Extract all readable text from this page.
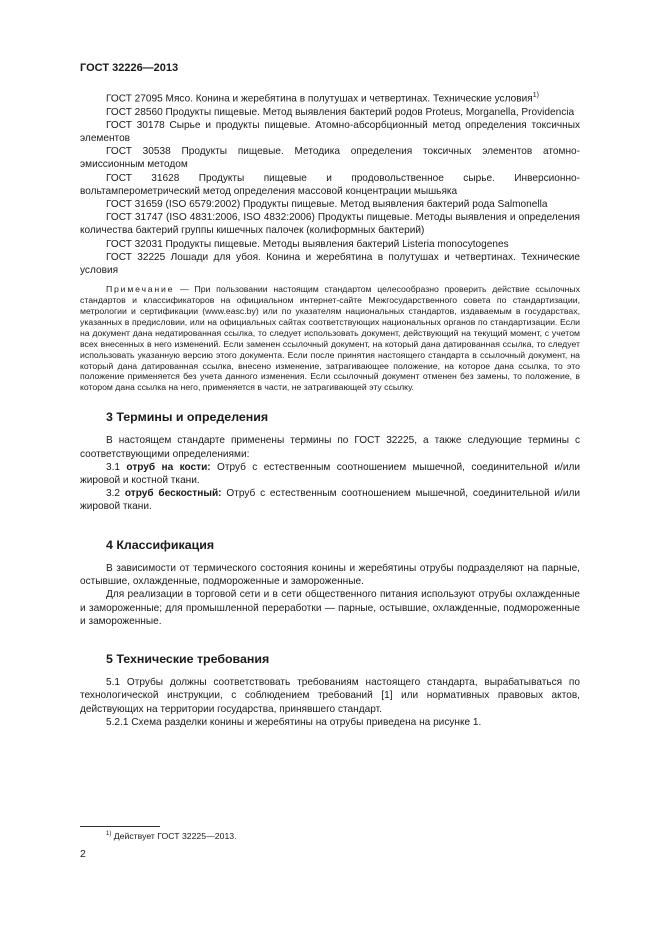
ГОСТ 32226—2013

ГОСТ 27095 Мясо. Конина и жеребятина в полутушах и четвертинах. Технические условия$^{1)}$

ГОСТ 28560 Продукты пищевые. Метод выявления бактерий родов Proteus, Morganella, Providencia

ГОСТ 30178 Сырье и продукты пищевые. Атомно-абсорбционный метод определения токсичных элементов

ГОСТ 30538 Продукты пищевые. Методика определения токсичных элементов атомно-эмиссионным методом

ГОСТ 31628 Продукты пищевые и продовольственное сырье. Инверсионно-вольтамперометрический метод определения массовой концентрации мышьяка

ГОСТ 31659 (ISO 6579:2002) Продукты пищевые. Метод выявления бактерий рода Salmonella

ГОСТ 31747 (ISO 4831:2006, ISO 4832:2006) Продукты пищевые. Методы выявления и определения количества бактерий группы кишечных палочек (колиформных бактерий)

ГОСТ 32031 Продукты пищевые. Методы выявления бактерий Listeria monocytogenes

ГОСТ 32225 Лошади для убоя. Конина и жеребятина в полутушах и четвертинах. Технические условия

Примечание — При пользовании настоящим стандартом целесообразно проверить действие ссылочных стандартов и классификаторов на официальном интернет-сайте Межгосударственного совета по стандартизации, метрологии и сертификации (www.easc.by) или по указателям национальных стандартов, издаваемым в государствах, указанных в предисловии, или на официальных сайтах соответствующих национальных органов по стандартизации. Если на документ дана недатированная ссылка, то следует использовать документ, действующий на текущий момент, с учетом всех внесенных в него изменений. Если заменен ссылочный документ, на который дана датированная ссылка, то следует использовать указанную версию этого документа. Если после принятия настоящего стандарта в ссылочный документ, на который дана датированная ссылка, внесено изменение, затрагивающее положение, на которое дана ссылка, то это положение применяется без учета данного изменения. Если ссылочный документ отменен без замены, то положение, в котором дана ссылка на него, применяется в части, не затрагивающей эту ссылку.

3 Термины и определения

В настоящем стандарте применены термины по ГОСТ 32225, а также следующие термины с соответствующими определениями:

3.1 отруб на кости: Отруб с естественным соотношением мышечной, соединительной и/или жировой и костной ткани.

3.2 отруб бескостный: Отруб с естественным соотношением мышечной, соединительной и/или жировой ткани.

4 Классификация

В зависимости от термического состояния конины и жеребятины отрубы подразделяют на парные, остывшие, охлажденные, подмороженные и замороженные.

Для реализации в торговой сети и в сети общественного питания используют отрубы охлажденные и замороженные; для промышленной переработки — парные, остывшие, охлажденные, подмороженные и замороженные.

5 Технические требования

5.1 Отрубы должны соответствовать требованиям настоящего стандарта, вырабатываться по технологической инструкции, с соблюдением требований [1] или нормативных правовых актов, действующих на территории государства, принявшего стандарт.

5.2.1 Схема разделки конины и жеребятины на отрубы приведена на рисунке 1.

$^{1)}$ Действует ГОСТ 32225—2013.
2
